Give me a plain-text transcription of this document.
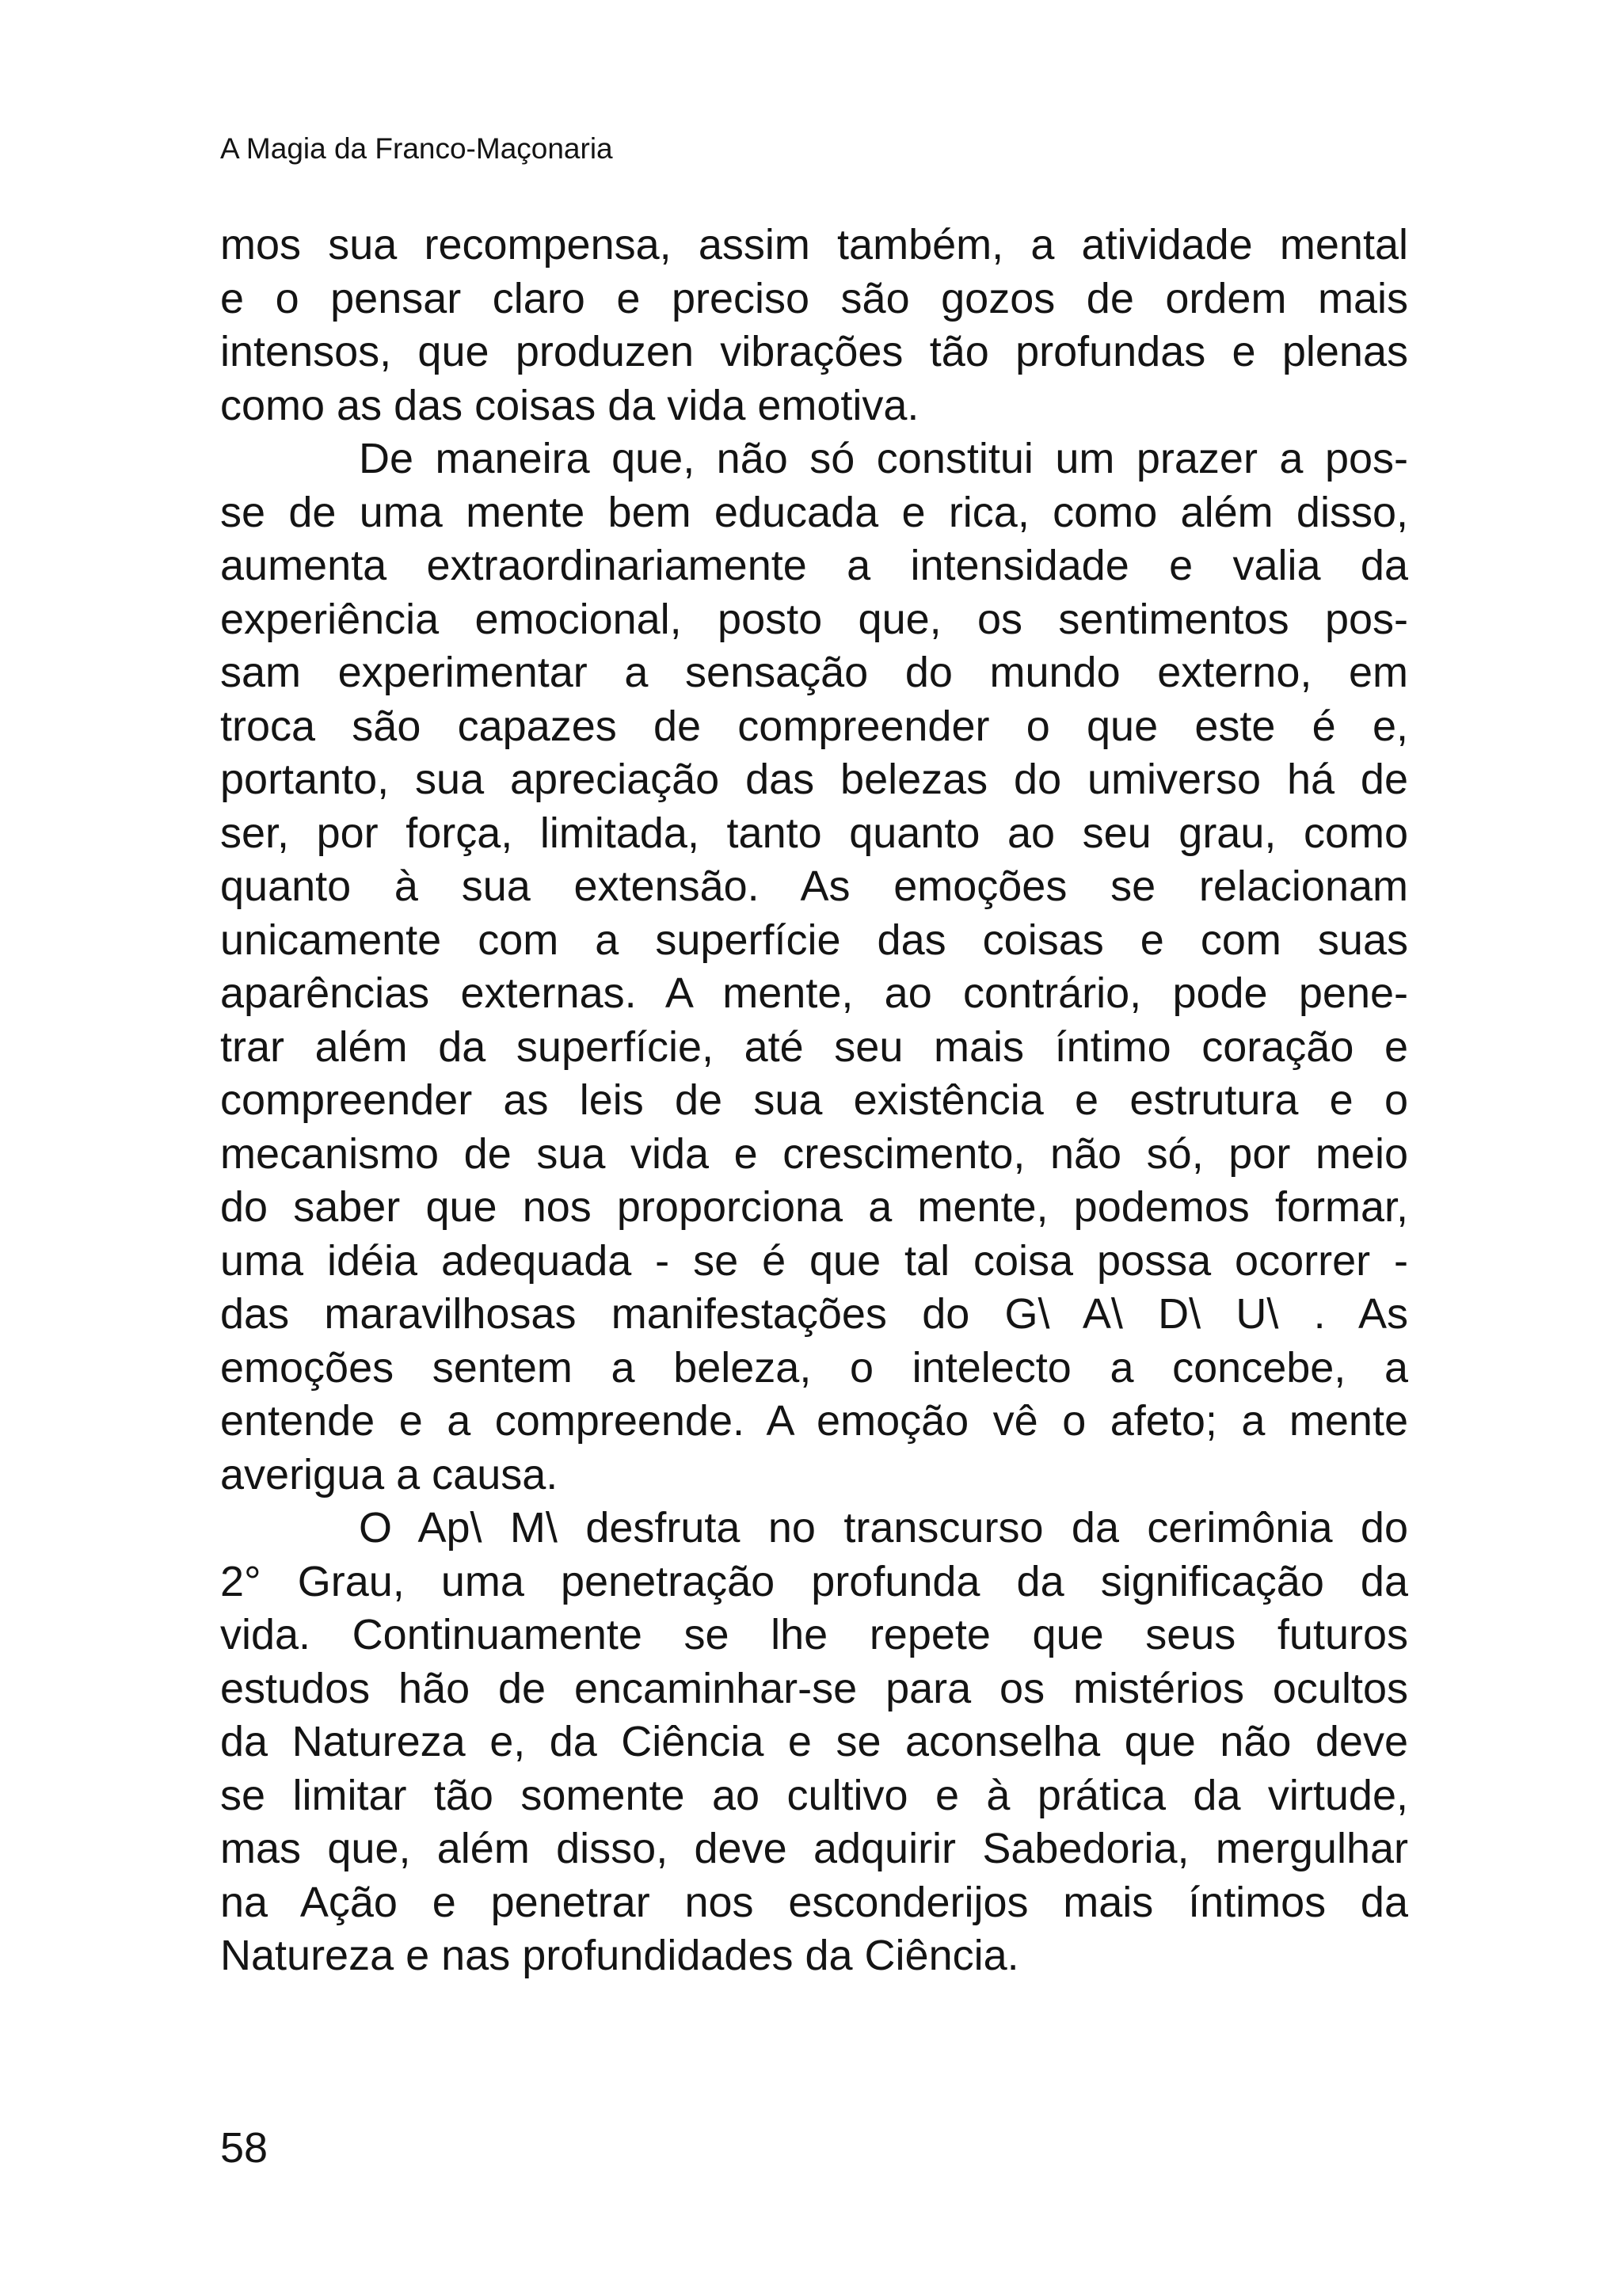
A Magia da Franco-Maçonaria
mos sua recompensa, assim também, a atividade mental
e o pensar claro e preciso são gozos de ordem mais
intensos, que produzen vibrações tão profundas e plenas
como as das coisas da vida emotiva.
De maneira que, não só constitui um prazer a pos-
se de uma mente bem educada e rica, como além disso,
aumenta extraordinariamente a intensidade e valia da
experiência emocional, posto que, os sentimentos pos-
sam experimentar a sensação do mundo externo, em
troca são capazes de compreender o que este é e,
portanto, sua apreciação das belezas do umiverso há de
ser, por força, limitada, tanto quanto ao seu grau, como
quanto à sua extensão. As emoções se relacionam
unicamente com a superfície das coisas e com suas
aparências externas. A mente, ao contrário, pode pene-
trar além da superfície, até seu mais íntimo coração e
compreender as leis de sua existência e estrutura e o
mecanismo de sua vida e crescimento, não só, por meio
do saber que nos proporciona a mente, podemos formar,
uma idéia adequada - se é que tal coisa possa ocorrer -
das maravilhosas manifestações do G\ A\ D\ U\ . As
emoções sentem a beleza, o intelecto a concebe, a
entende e a compreende. A emoção vê o afeto; a mente
averigua a causa.
O Ap\ M\ desfruta no transcurso da cerimônia do
2° Grau, uma penetração profunda da significação da
vida. Continuamente se lhe repete que seus futuros
estudos hão de encaminhar-se para os mistérios ocultos
da Natureza e, da Ciência e se aconselha que não deve
se limitar tão somente ao cultivo e à prática da virtude,
mas que, além disso, deve adquirir Sabedoria, mergulhar
na Ação e penetrar nos esconderijos mais íntimos da
Natureza e nas profundidades da Ciência.
58
